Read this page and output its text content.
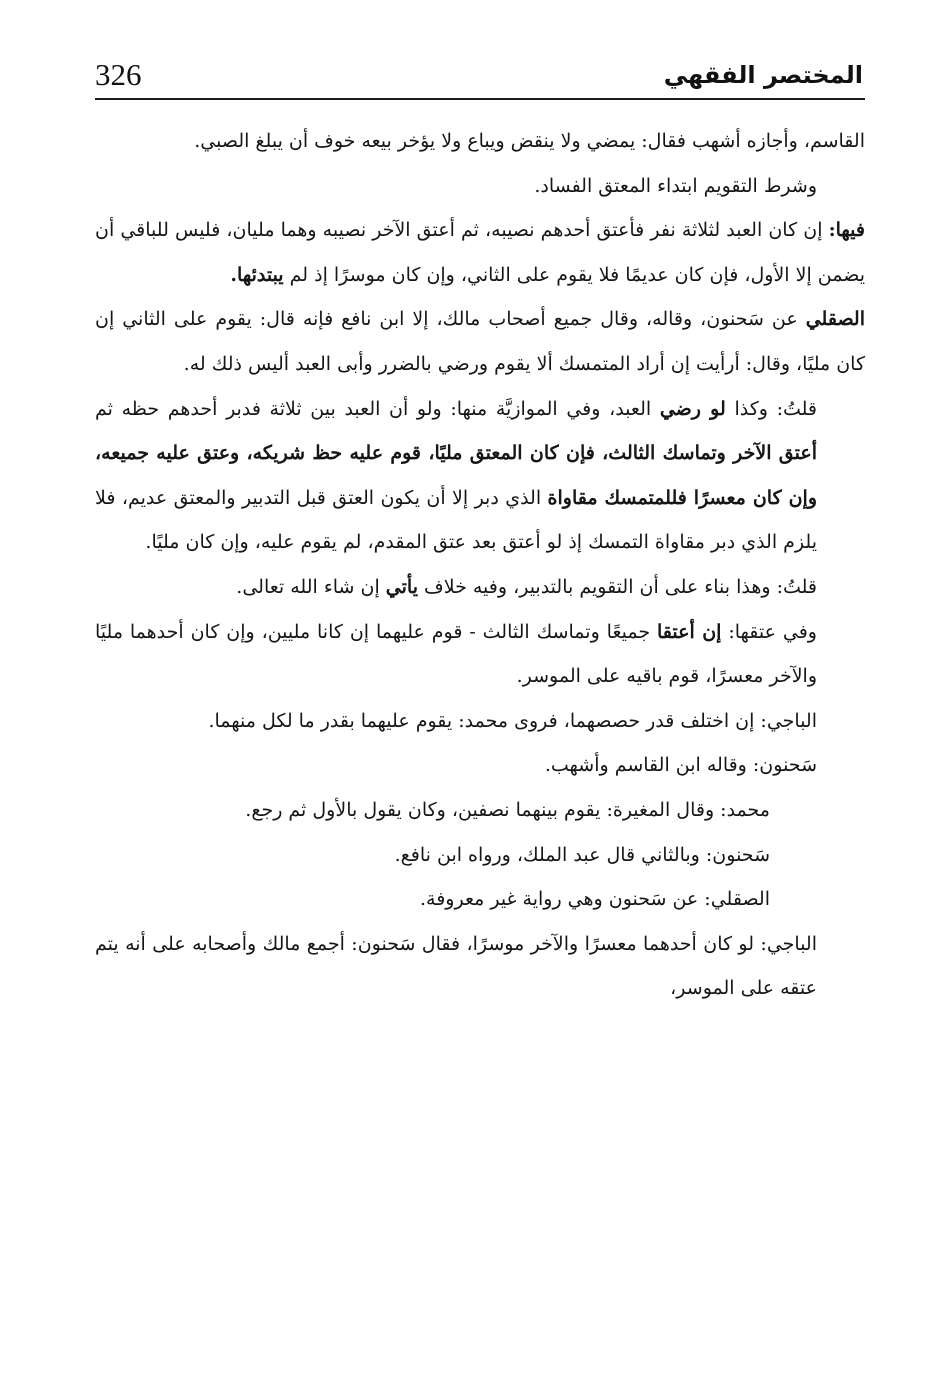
326	المختصر الفقهي

القاسم، وأجازه أشهب فقال: يمضي ولا ينقض ويباع ولا يؤخر بيعه خوف أن يبلغ الصبي.

وشرط التقويم ابتداء المعتق الفساد.

فيها: إن كان العبد لثلاثة نفر فأعتق أحدهم نصيبه، ثم أعتق الآخر نصيبه وهما مليان، فليس للباقي أن يضمن إلا الأول، فإن كان عديمًا فلا يقوم على الثاني، وإن كان موسرًا إذ لم يبتدئها.

الصقلي عن سَحنون، وقاله، وقال جميع أصحاب مالك، إلا ابن نافع فإنه قال: يقوم على الثاني إن كان مليًا، وقال: أرأيت إن أراد المتمسك ألا يقوم ورضي بالضرر وأبى العبد أليس ذلك له.

قلتُ: وكذا لو رضي العبد، وفي الموازيَّة منها: ولو أن العبد بين ثلاثة فدبر أحدهم حظه ثم أعتق الآخر وتماسك الثالث، فإن كان المعتق مليًا، قوم عليه حظ شريكه، وعتق عليه جميعه، وإن كان معسرًا فللمتمسك مقاواة الذي دبر إلا أن يكون العتق قبل التدبير والمعتق عديم، فلا يلزم الذي دبر مقاواة التمسك إذ لو أعتق بعد عتق المقدم، لم يقوم عليه، وإن كان مليًا.

قلتُ: وهذا بناء على أن التقويم بالتدبير، وفيه خلاف يأتي إن شاء الله تعالى.

وفي عتقها: إن أعتقا جميعًا وتماسك الثالث - قوم عليهما إن كانا مليين، وإن كان أحدهما مليًا والآخر معسرًا، قوم باقيه على الموسر.

الباجي: إن اختلف قدر حصصهما، فروى محمد: يقوم عليهما بقدر ما لكل منهما.

سَحنون: وقاله ابن القاسم وأشهب.

محمد: وقال المغيرة: يقوم بينهما نصفين، وكان يقول بالأول ثم رجع.

سَحنون: وبالثاني قال عبد الملك، ورواه ابن نافع.

الصقلي: عن سَحنون وهي رواية غير معروفة.

الباجي: لو كان أحدهما معسرًا والآخر موسرًا، فقال سَحنون: أجمع مالك وأصحابه على أنه يتم عتقه على الموسر،
